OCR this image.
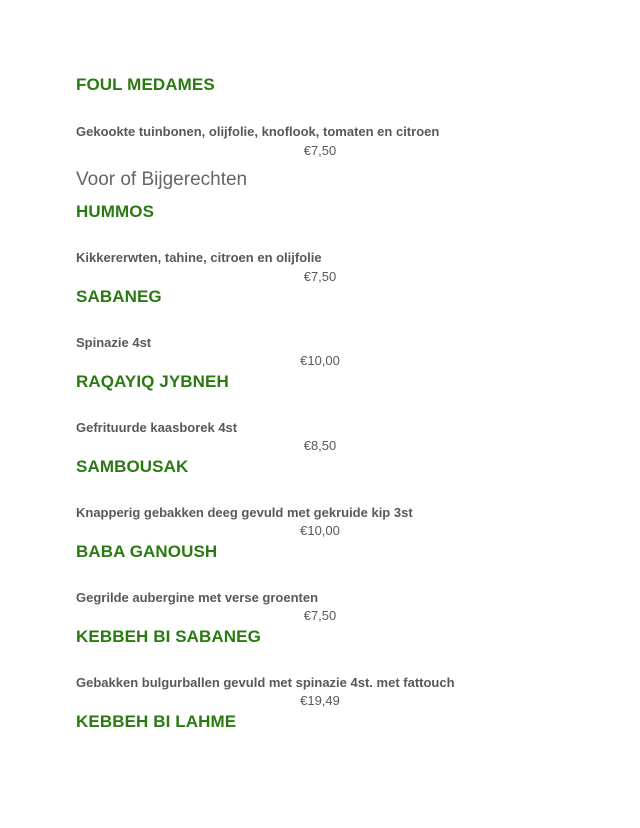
FOUL MEDAMES
Gekookte tuinbonen, olijfolie, knoflook, tomaten en citroen
€7,50
Voor of Bijgerechten
HUMMOS
Kikkererwten, tahine, citroen en olijfolie
€7,50
SABANEG
Spinazie 4st
€10,00
RAQAYIQ JYBNEH
Gefrituurde kaasborek 4st
€8,50
SAMBOUSAK
Knapperig gebakken deeg gevuld met gekruide kip 3st
€10,00
BABA GANOUSH
Gegrilde aubergine met verse groenten
€7,50
KEBBEH BI SABANEG
Gebakken bulgurballen gevuld met spinazie 4st. met fattouch
€19,49
KEBBEH BI LAHME
